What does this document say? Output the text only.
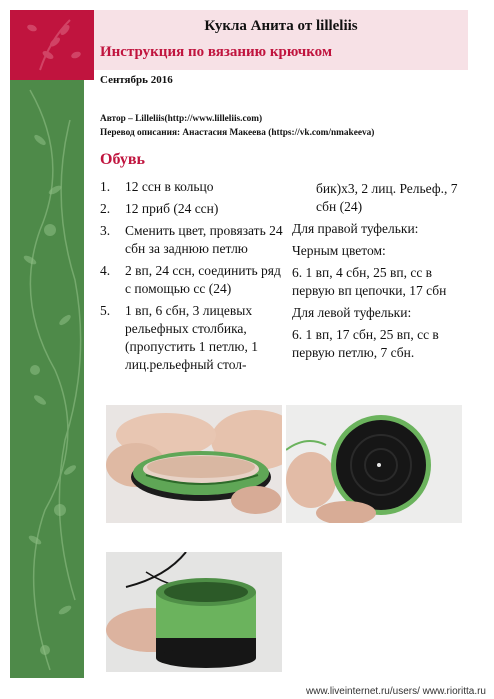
Кукла Анита от lilleliis
Инструкция по вязанию крючком
Сентябрь 2016
Автор – Lilleliis(http://www.lilleliis.com)
Перевод описания: Анастасия Макеева (https://vk.com/nmakeeva)
Обувь
1. 12 ссн в кольцо
2. 12 приб (24 ссн)
3. Сменить цвет, провязать 24 сбн за заднюю петлю
4. 2 вп, 24 ссн, соединить ряд с помощью сс (24)
5. 1 вп, 6 сбн, 3 лицевых рельефных столбика, (пропустить 1 петлю, 1 лиц.рельефный стол-
бик)х3, 2 лиц. Рельеф., 7 сбн (24)

Для правой туфельки:

Черным цветом:

6. 1 вп, 4 сбн, 25 вп, сс в первую вп цепочки, 17 сбн

Для левой туфельки:

6. 1 вп, 17 сбн, 25 вп, сс в первую петлю, 7 сбн.

www.liveinternet.ru/users/ www.rioritta.ru
